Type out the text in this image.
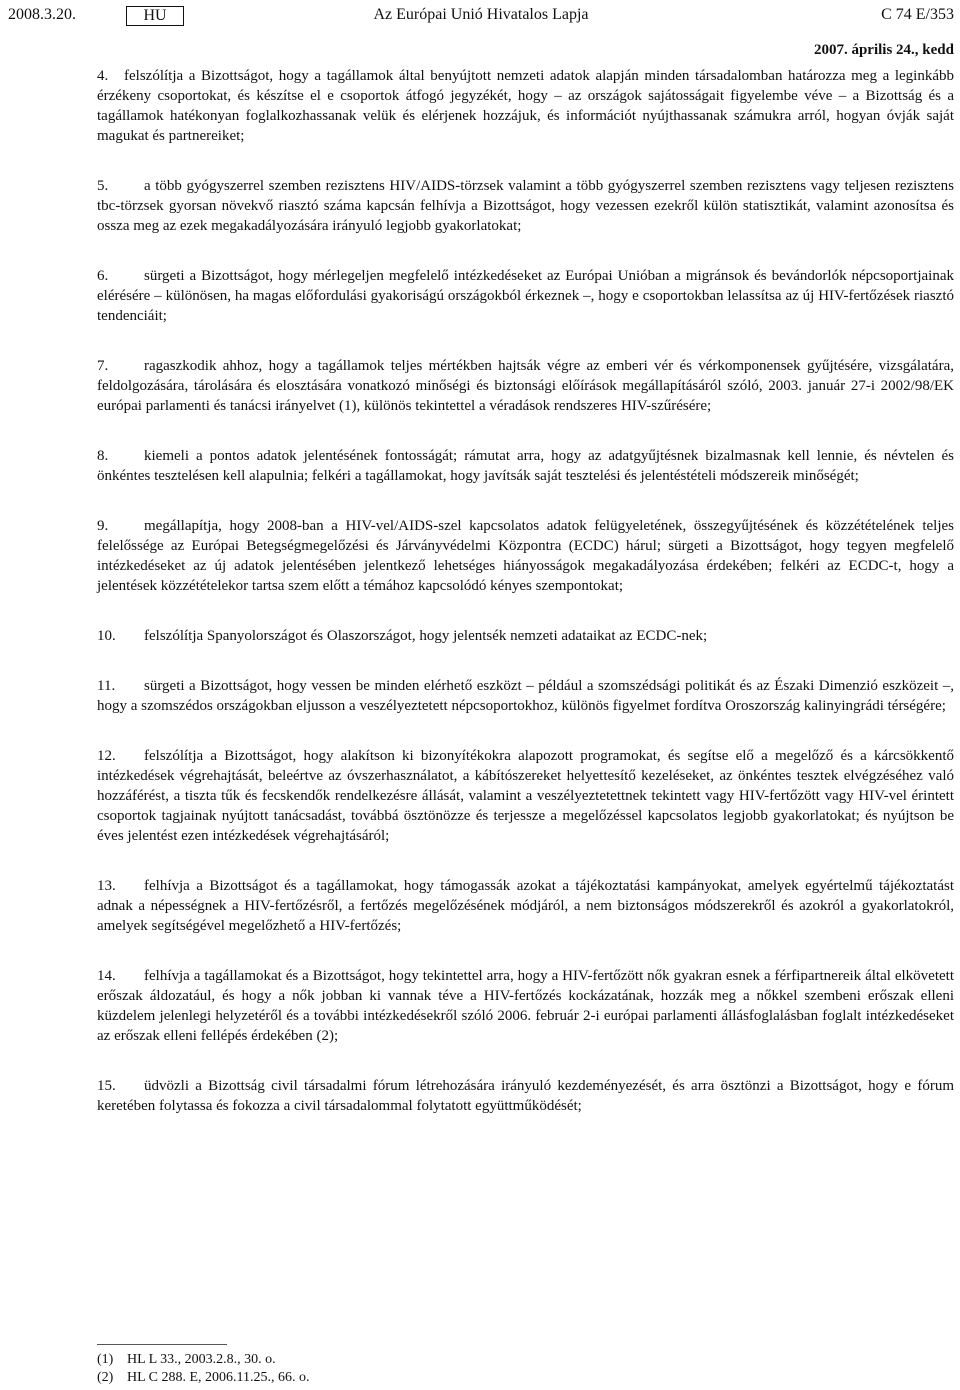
2008.3.20.	HU	Az Európai Unió Hivatalos Lapja	C 74 E/353
2007. április 24., kedd

4. felszólítja a Bizottságot, hogy a tagállamok által benyújtott nemzeti adatok alapján minden társadalomban határozza meg a leginkább érzékeny csoportokat, és készítse el e csoportok átfogó jegyzékét, hogy – az országok sajátosságait figyelembe véve – a Bizottság és a tagállamok hatékonyan foglalkozhassanak velük és elérjenek hozzájuk, és információt nyújthassanak számukra arról, hogyan óvják saját magukat és partnereiket;

5. a több gyógyszerrel szemben rezisztens HIV/AIDS-törzsek valamint a több gyógyszerrel szemben rezisztens vagy teljesen rezisztens tbc-törzsek gyorsan növekvő riasztó száma kapcsán felhívja a Bizottságot, hogy vezessen ezekről külön statisztikát, valamint azonosítsa és ossza meg az ezek megakadályozására irányuló legjobb gyakorlatokat;

6. sürgeti a Bizottságot, hogy mérlegeljen megfelelő intézkedéseket az Európai Unióban a migránsok és bevándorlók népcsoportjainak elérésére – különösen, ha magas előfordulási gyakoriságú országokból érkeznek –, hogy e csoportokban lelassítsa az új HIV-fertőzések riasztó tendenciáit;

7. ragaszkodik ahhoz, hogy a tagállamok teljes mértékben hajtsák végre az emberi vér és vérkomponensek gyűjtésére, vizsgálatára, feldolgozására, tárolására és elosztására vonatkozó minőségi és biztonsági előírások megállapításáról szóló, 2003. január 27-i 2002/98/EK európai parlamenti és tanácsi irányelvet (1), különös tekintettel a véradások rendszeres HIV-szűrésére;

8. kiemeli a pontos adatok jelentésének fontosságát; rámutat arra, hogy az adatgyűjtésnek bizalmasnak kell lennie, és névtelen és önkéntes tesztelésen kell alapulnia; felkéri a tagállamokat, hogy javítsák saját tesztelési és jelentéstételi módszereik minőségét;

9. megállapítja, hogy 2008-ban a HIV-vel/AIDS-szel kapcsolatos adatok felügyeletének, összegyűjtésének és közzétételének teljes felelőssége az Európai Betegségmegelőzési és Járványvédelmi Központra (ECDC) hárul; sürgeti a Bizottságot, hogy tegyen megfelelő intézkedéseket az új adatok jelentésében jelentkező lehetséges hiányosságok megakadályozása érdekében; felkéri az ECDC-t, hogy a jelentések közzétételekor tartsa szem előtt a témához kapcsolódó kényes szempontokat;

10. felszólítja Spanyolországot és Olaszországot, hogy jelentsék nemzeti adataikat az ECDC-nek;

11. sürgeti a Bizottságot, hogy vessen be minden elérhető eszközt – például a szomszédsági politikát és az Északi Dimenzió eszközeit –, hogy a szomszédos országokban eljusson a veszélyeztetett népcsoportokhoz, különös figyelmet fordítva Oroszország kalinyingrádi térségére;

12. felszólítja a Bizottságot, hogy alakítson ki bizonyítékokra alapozott programokat, és segítse elő a megelőző és a kárcsökkentő intézkedések végrehajtását, beleértve az óvszerhasználatot, a kábítószereket helyettesítő kezeléseket, az önkéntes tesztek elvégzéséhez való hozzáférést, a tiszta tűk és fecskendők rendelkezésre állását, valamint a veszélyeztetettnek tekintett vagy HIV-fertőzött vagy HIV-vel érintett csoportok tagjainak nyújtott tanácsadást, továbbá ösztönözze és terjessze a megelőzéssel kapcsolatos legjobb gyakorlatokat; és nyújtson be éves jelentést ezen intézkedések végrehajtásáról;

13. felhívja a Bizottságot és a tagállamokat, hogy támogassák azokat a tájékoztatási kampányokat, amelyek egyértelmű tájékoztatást adnak a népességnek a HIV-fertőzésről, a fertőzés megelőzésének módjáról, a nem biztonságos módszerekről és azokról a gyakorlatokról, amelyek segítségével megelőzhető a HIV-fertőzés;

14. felhívja a tagállamokat és a Bizottságot, hogy tekintettel arra, hogy a HIV-fertőzött nők gyakran esnek a férfipartnereik által elkövetett erőszak áldozatául, és hogy a nők jobban ki vannak téve a HIV-fertőzés kockázatának, hozzák meg a nőkkel szembeni erőszak elleni küzdelem jelenlegi helyzetéről és a további intézkedésekről szóló 2006. február 2-i európai parlamenti állásfoglalásban foglalt intézkedéseket az erőszak elleni fellépés érdekében (2);

15. üdvözli a Bizottság civil társadalmi fórum létrehozására irányuló kezdeményezését, és arra ösztönzi a Bizottságot, hogy e fórum keretében folytassa és fokozza a civil társadalommal folytatott együttműködését;

(1) HL L 33., 2003.2.8., 30. o.
(2) HL C 288. E, 2006.11.25., 66. o.
